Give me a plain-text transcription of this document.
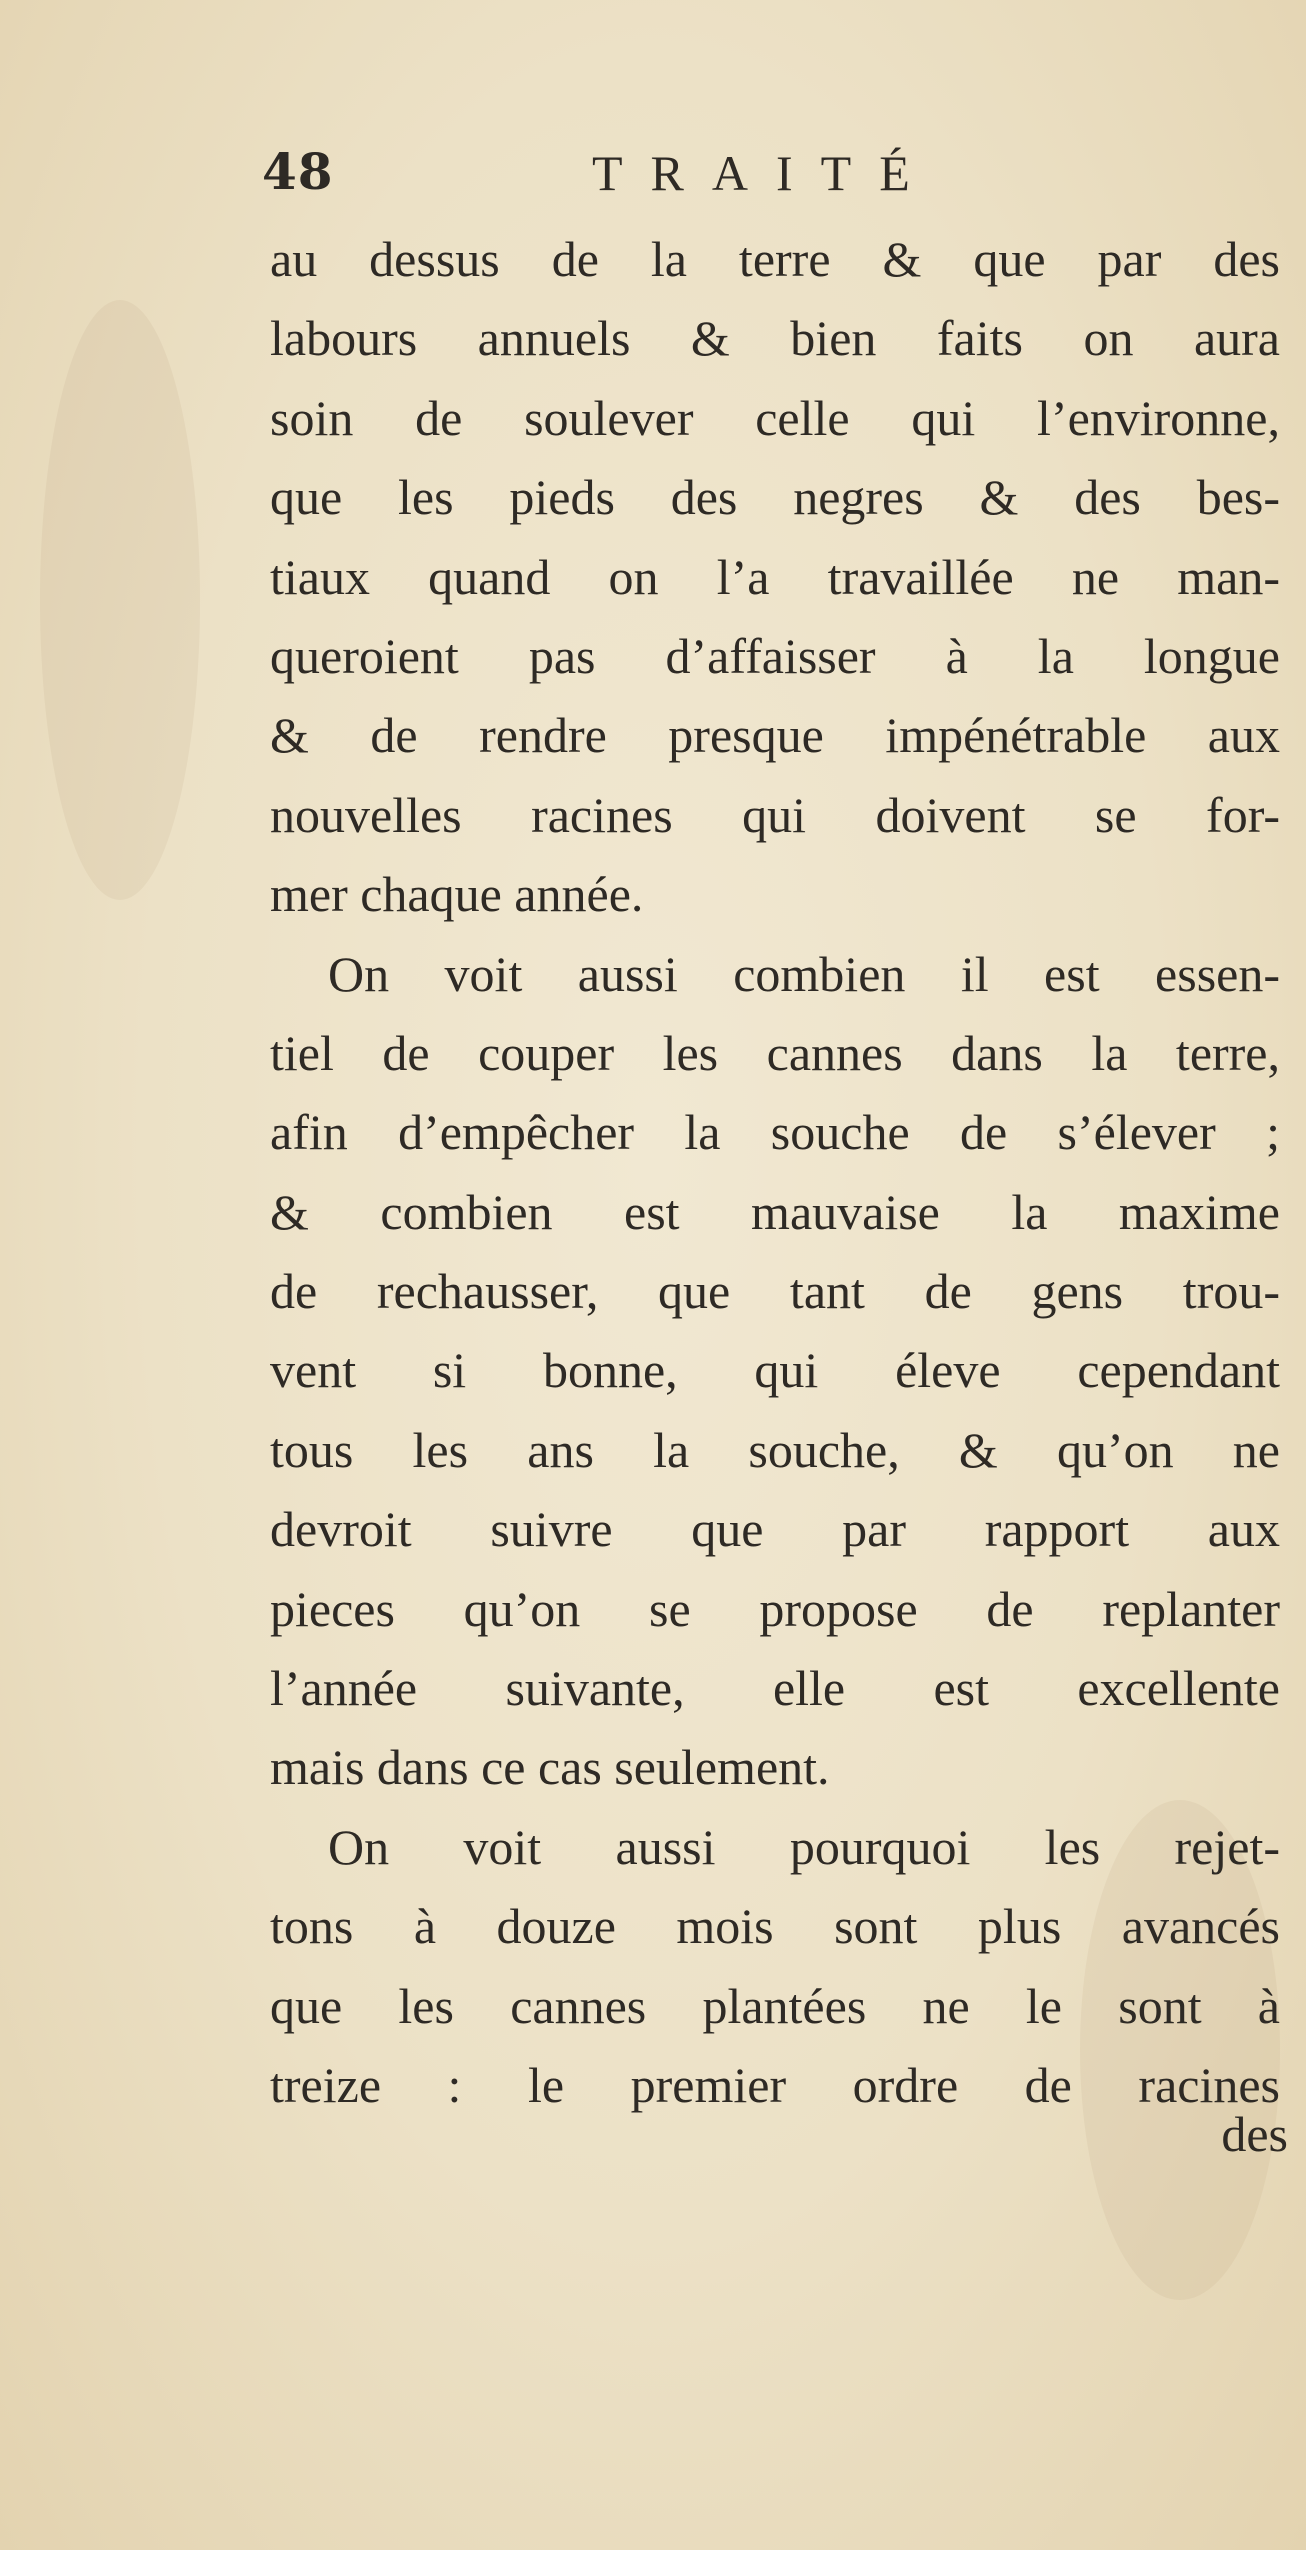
48	TRAITÉ
au dessus de la terre & que par des
labours annuels & bien faits on aura
soin de soulever celle qui l’environne,
que les pieds des negres & des bes-
tiaux quand on l’a travaillée ne man-
queroient pas d’affaisser à la longue
& de rendre presque impénétrable aux
nouvelles racines qui doivent se for-
mer chaque année.
On voit aussi combien il est essen-
tiel de couper les cannes dans la terre,
afin d’empêcher la souche de s’élever ;
& combien est mauvaise la maxime
de rechausser, que tant de gens trou-
vent si bonne, qui éleve cependant
tous les ans la souche, & qu’on ne
devroit suivre que par rapport aux
pieces qu’on se propose de replanter
l’année suivante, elle est excellente
mais dans ce cas seulement.
On voit aussi pourquoi les rejet-
tons à douze mois sont plus avancés
que les cannes plantées ne le sont à
treize : le premier ordre de racines
des
